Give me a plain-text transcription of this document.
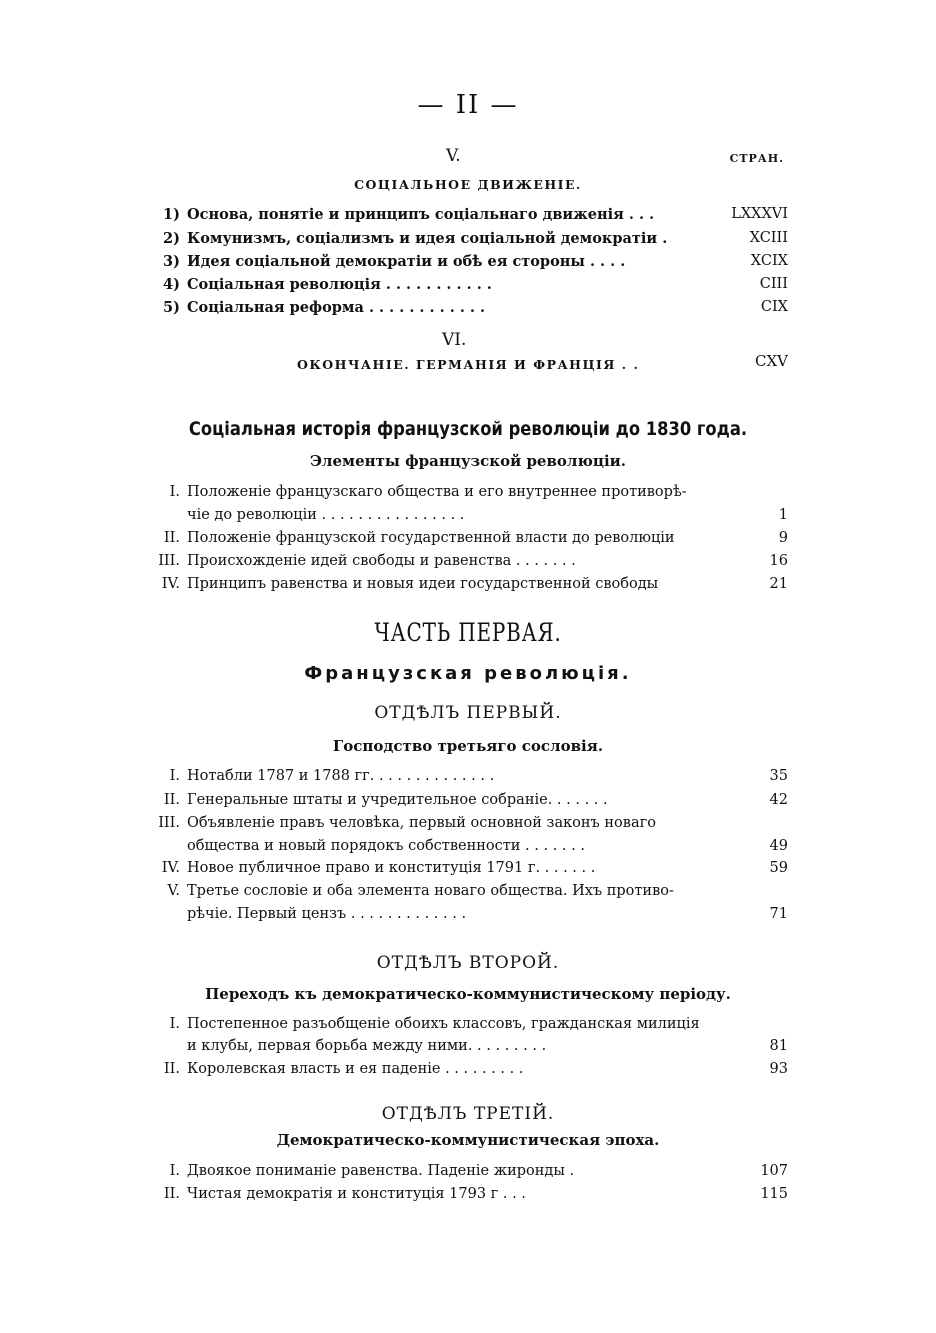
— II —
V.	СТРАН.
СОЦІАЛЬНОЕ ДВИЖЕНІЕ.
1) Основа, понятіе и принципъ соціальнаго движенія . . .	LXXXVI
2) Комунизмъ, соціализмъ и идея соціальной демократіи .	XCIII
3) Идея соціальной демократіи и обѣ ея стороны . . . .	XCIX
4) Соціальная революція . . . . . . . . . . .	CIII
5) Соціальная реформа . . . . . . . . . . . .	CIX
VI.
ОКОНЧАНІЕ. ГЕРМАНІЯ И ФРАНЦІЯ . .	CXV
Соціальная исторія французской революціи до 1830 года.
Элементы французской революціи.
I. Положеніе французскаго общества и его внутреннее противорѣ-
чіе до революціи . . . . . . . . . . . . . . . .	1
II. Положеніе французской государственной власти до революціи	9
III. Происхожденіе идей свободы и равенства . . . . . . .	16
IV. Принципъ равенства и новыя идеи государственной свободы	21
ЧАСТЬ ПЕРВАЯ.
Французская революція.
ОТДѢЛЪ ПЕРВЫЙ.
Господство третьяго сословія.
I. Нотабли 1787 и 1788 гг. . . . . . . . . . . . . .	35
II. Генеральные штаты и учредительное собраніе. . . . . . .	42
III. Объявленіе правъ человѣка, первый основной законъ новаго
общества и новый порядокъ собственности . . . . . . .	49
IV. Новое публичное право и конституція 1791 г. . . . . . .	59
V. Третье сословіе и оба элемента новаго общества. Ихъ противо-
рѣчіе. Первый цензъ . . . . . . . . . . . . .	71
ОТДѢЛЪ ВТОРОЙ.
Переходъ къ демократическо-коммунистическому періоду.
I. Постепенное разъобщеніе обоихъ классовъ, гражданская милиція
и клубы, первая борьба между ними. . . . . . . . .	81
II. Королевская власть и ея паденіе . . . . . . . . .	93
ОТДѢЛЪ ТРЕТІЙ.
Демократическо-коммунистическая эпоха.
I. Двоякое пониманіе равенства. Паденіе жиронды .	107
II. Чистая демократія и конституція 1793 г . . .	115
